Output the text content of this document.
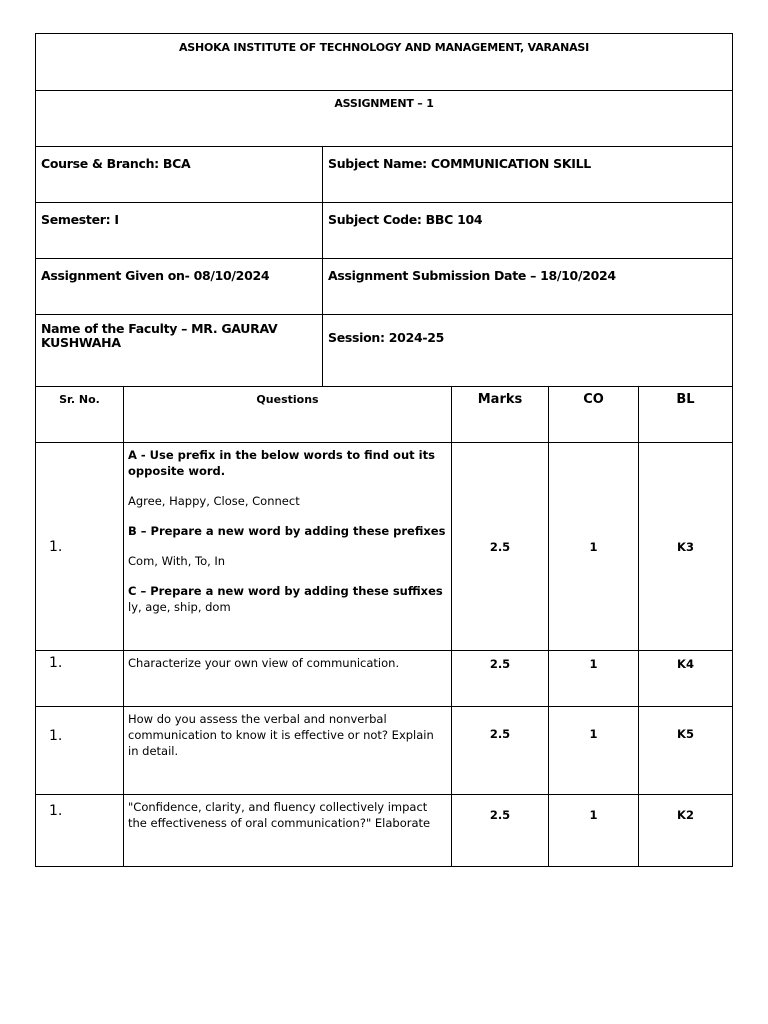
ASHOKA INSTITUTE OF TECHNOLOGY AND MANAGEMENT, VARANASI	
ASSIGNMENT – 1	
Course & Branch: BCA	Subject Name: COMMUNICATION SKILL
Semester: I	Subject Code: BBC 104
Assignment Given on- 08/10/2024	Assignment Submission Date – 18/10/2024
Name of the Faculty – MR. GAURAV KUSHWAHA	Session: 2024-25
Sr. No.	Questions	Marks	CO	BL
1.	A - Use prefix in the below words to find out its opposite word.

Agree, Happy, Close, Connect

B – Prepare a new word by adding these prefixes

Com, With, To, In

C – Prepare a new word by adding these suffixes ly, age, ship, dom	2.5	1	K3
1.	Characterize your own view of communication.	2.5	1	K4
1.	How do you assess the verbal and nonverbal communication to know it is effective or not? Explain in detail.	2.5	1	K5
1.	"Confidence, clarity, and fluency collectively impact the effectiveness of oral communication?" Elaborate	2.5	1	K2
